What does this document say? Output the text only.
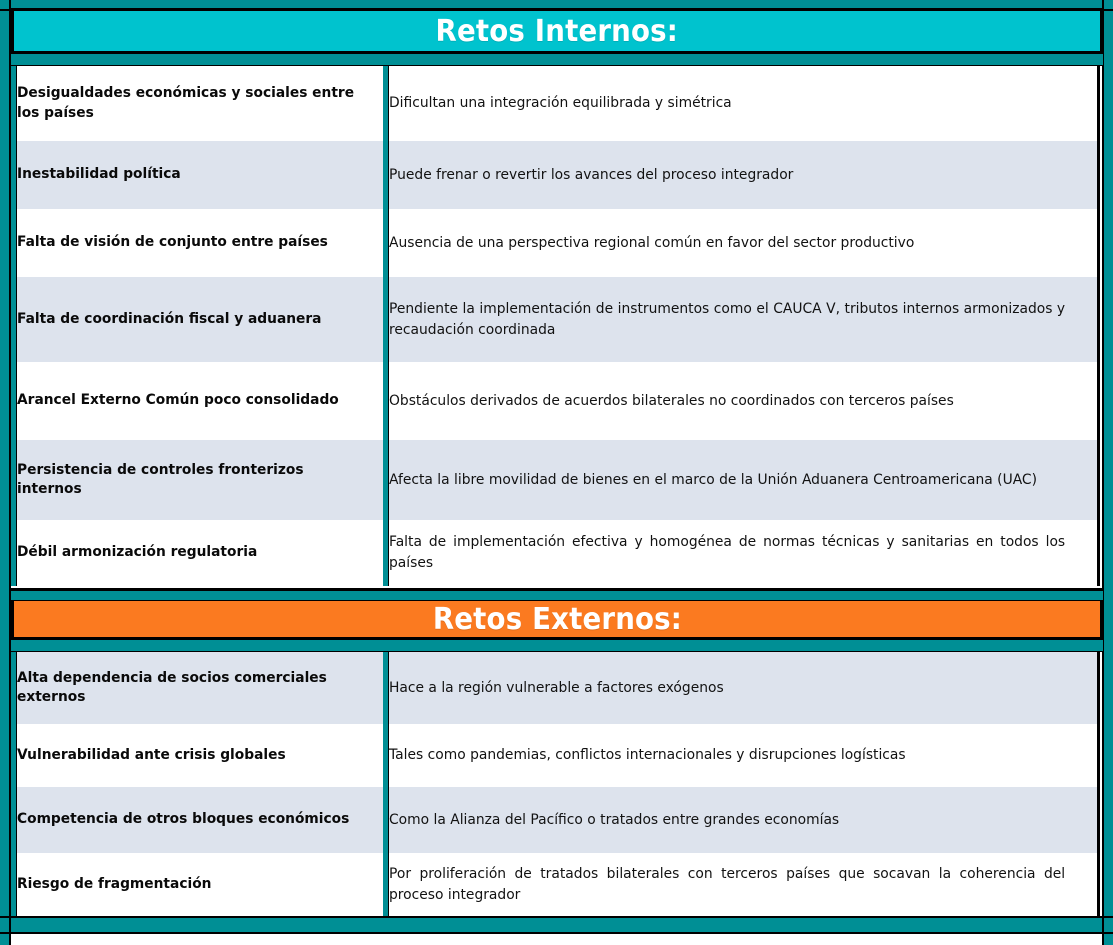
Retos Internos:
Desigualdades económicas y sociales entre los países	Dificultan una integración equilibrada y simétrica

Inestabilidad política	Puede frenar o revertir los avances del proceso integrador

Falta de visión de conjunto entre países	Ausencia de una perspectiva regional común en favor del sector productivo

Falta de coordinación fiscal y aduanera	Pendiente la implementación de instrumentos como el CAUCA V, tributos internos armonizados y recaudación coordinada

Arancel Externo Común poco consolidado	Obstáculos derivados de acuerdos bilaterales no coordinados con terceros países

Persistencia de controles fronterizos internos	Afecta la libre movilidad de bienes en el marco de la Unión Aduanera Centroamericana (UAC)

Débil armonización regulatoria	Falta de implementación efectiva y homogénea de normas técnicas y sanitarias en todos los países
Retos Externos:
Alta dependencia de socios comerciales externos	Hace a la región vulnerable a factores exógenos

Vulnerabilidad ante crisis globales	Tales como pandemias, conflictos internacionales y disrupciones logísticas

Competencia de otros bloques económicos	Como la Alianza del Pacífico o tratados entre grandes economías

Riesgo de fragmentación	Por proliferación de tratados bilaterales con terceros países que socavan la coherencia del proceso integrador
